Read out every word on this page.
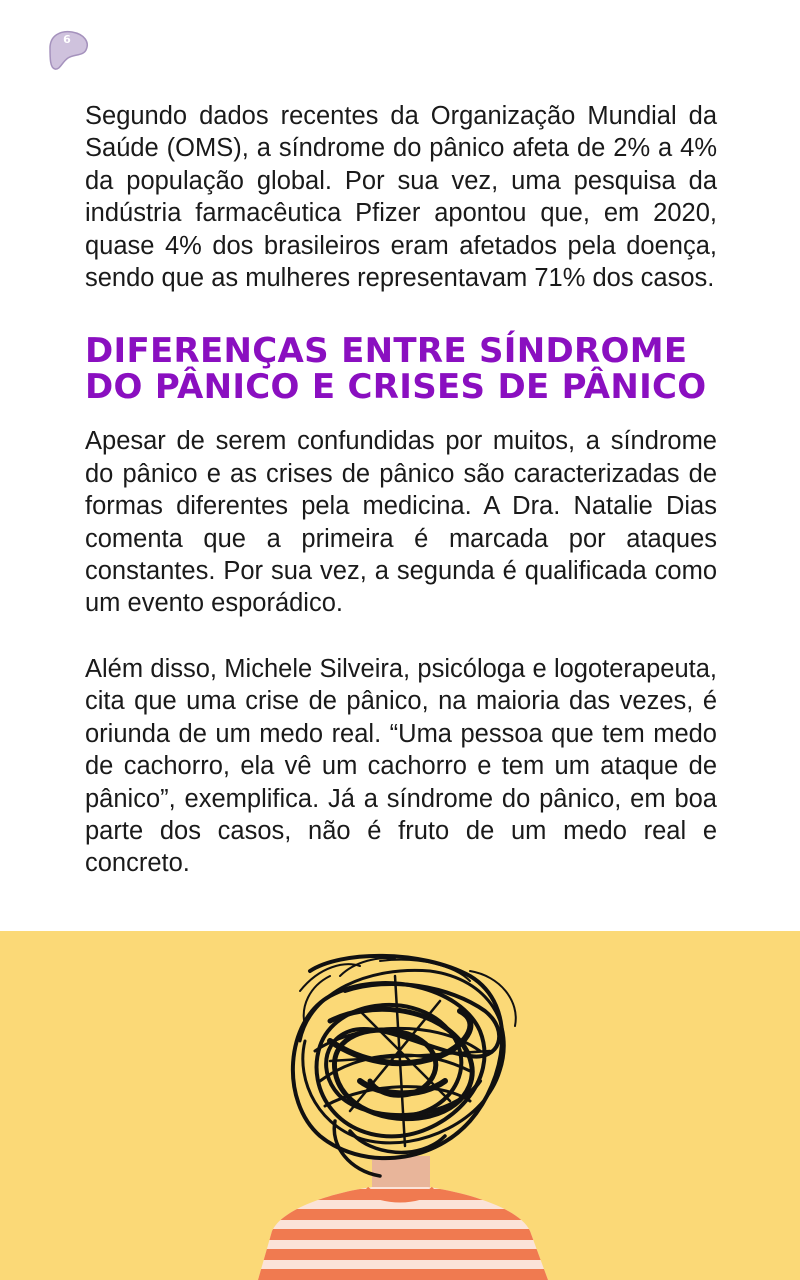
6

Segundo dados recentes da Organização Mundial da Saúde (OMS), a síndrome do pânico afeta de 2% a 4% da população global. Por sua vez, uma pesquisa da indústria farmacêutica Pfizer apontou que, em 2020, quase 4% dos brasileiros eram afetados pela doença, sendo que as mulheres representavam 71% dos casos.

DIFERENÇAS ENTRE SÍNDROME DO PÂNICO E CRISES DE PÂNICO

Apesar de serem confundidas por muitos, a síndrome do pânico e as crises de pânico são caracterizadas de formas diferentes pela medicina. A Dra. Natalie Dias comenta que a primeira é marcada por ataques constantes. Por sua vez, a segunda é qualificada como um evento esporádico.

Além disso, Michele Silveira, psicóloga e logoterapeuta, cita que uma crise de pânico, na maioria das vezes, é oriunda de um medo real. “Uma pessoa que tem medo de cachorro, ela vê um cachorro e tem um ataque de pânico”, exemplifica. Já a síndrome do pânico, em boa parte dos casos, não é fruto de um medo real e concreto.
